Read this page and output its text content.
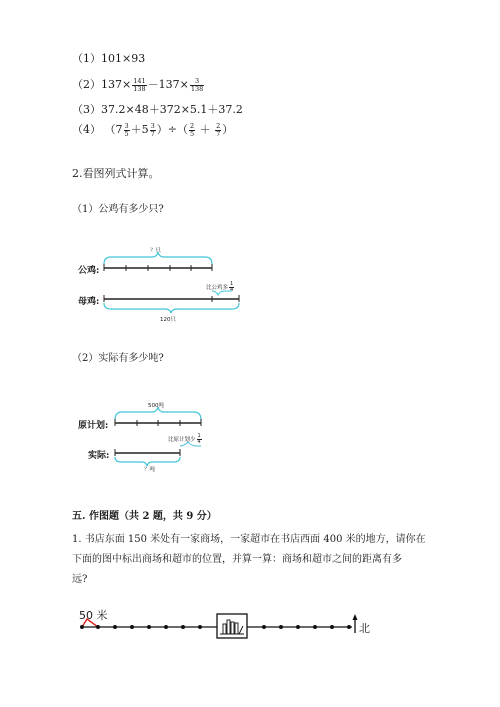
（1）101×93
$(2)137\times \frac{141}{138} -137\times \frac{3}{138}$
（3）37.2×48＋372×5.1＋37.2
（4） （$7 \frac{3}{5} +5 \frac{3}{7}$ ）÷（ $\frac{2}{5} + \frac{2}{7}$ ）
2.看图列式计算。
（1）公鸡有多少只?
？只
公鸡:
母鸡:
比公鸡多 $\frac{1}{4}$
120只
（2）实际有多少吨?
500吨
原计划:
实际:
比原计划少 $\frac{1}{4}$
？吨
五. 作图题（共 2 题，共 9 分）
1. 书店东面 150 米处有一家商场，一家超市在书店西面 400 米的地方，请你在
下面的图中标出商场和超市的位置，并算一算：商场和超市之间的距离有多
远?
50 米
北
